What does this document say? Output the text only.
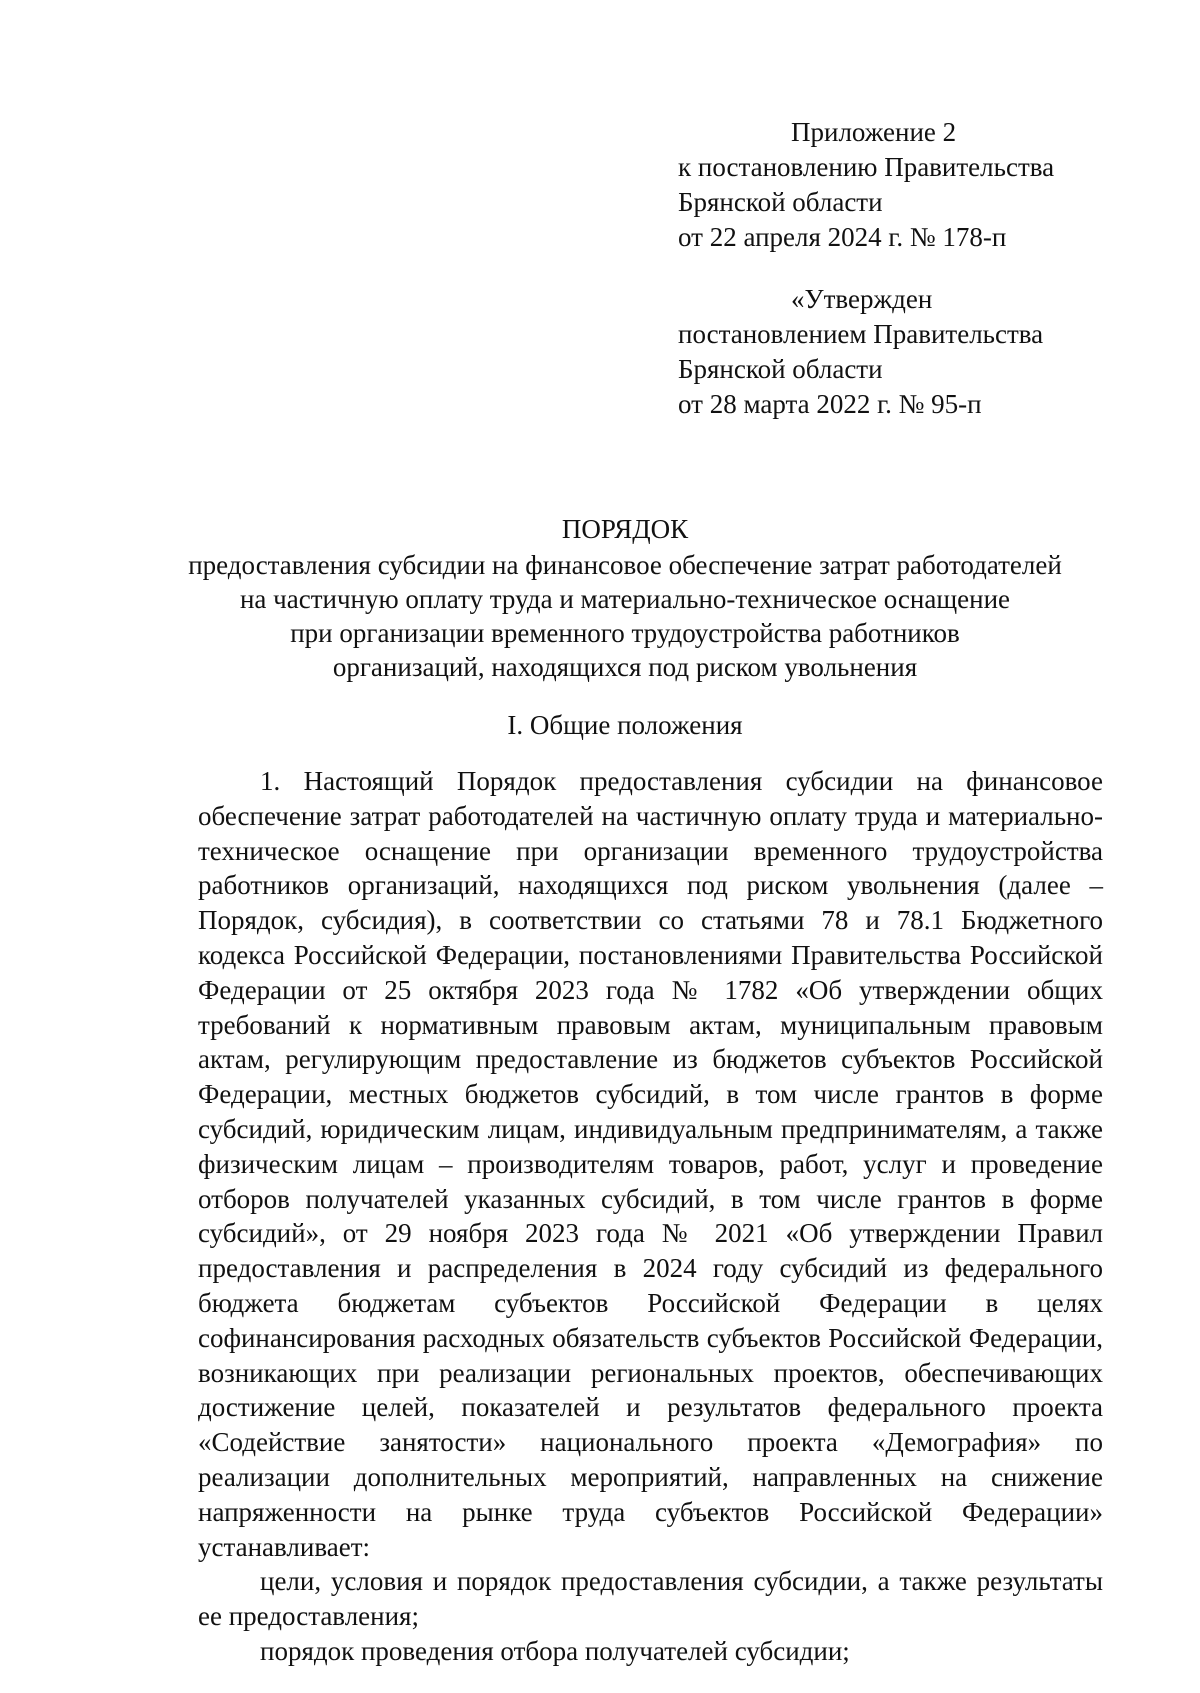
Приложение 2
к постановлению Правительства
Брянской области
от 22 апреля 2024 г. № 178-п
«Утвержден
постановлением Правительства
Брянской области
от 28 марта 2022 г. № 95-п
ПОРЯДОК
предоставления субсидии на финансовое обеспечение затрат работодателей
на частичную оплату труда и материально-техническое оснащение
при организации временного трудоустройства работников
организаций, находящихся под риском увольнения
I. Общие положения

1. Настоящий Порядок предоставления субсидии на финансовое обеспечение затрат работодателей на частичную оплату труда и материально-техническое оснащение при организации временного трудоустройства работников организаций, находящихся под риском увольнения (далее – Порядок, субсидия), в соответствии со статьями 78 и 78.1 Бюджетного кодекса Российской Федерации, постановлениями Правительства Российской Федерации от 25 октября 2023 года № 1782 «Об утверждении общих требований к нормативным правовым актам, муниципальным правовым актам, регулирующим предоставление из бюджетов субъектов Российской Федерации, местных бюджетов субсидий, в том числе грантов в форме субсидий, юридическим лицам, индивидуальным предпринимателям, а также физическим лицам – производителям товаров, работ, услуг и проведение отборов получателей указанных субсидий, в том числе грантов в форме субсидий», от 29 ноября 2023 года № 2021 «Об утверждении Правил предоставления и распределения в 2024 году субсидий из федерального бюджета бюджетам субъектов Российской Федерации в целях софинансирования расходных обязательств субъектов Российской Федерации, возникающих при реализации региональных проектов, обеспечивающих достижение целей, показателей и результатов федерального проекта «Содействие занятости» национального проекта «Демография» по реализации дополнительных мероприятий, направленных на снижение напряженности на рынке труда субъектов Российской Федерации» устанавливает:

цели, условия и порядок предоставления субсидии, а также результаты ее предоставления;

порядок проведения отбора получателей субсидии;
